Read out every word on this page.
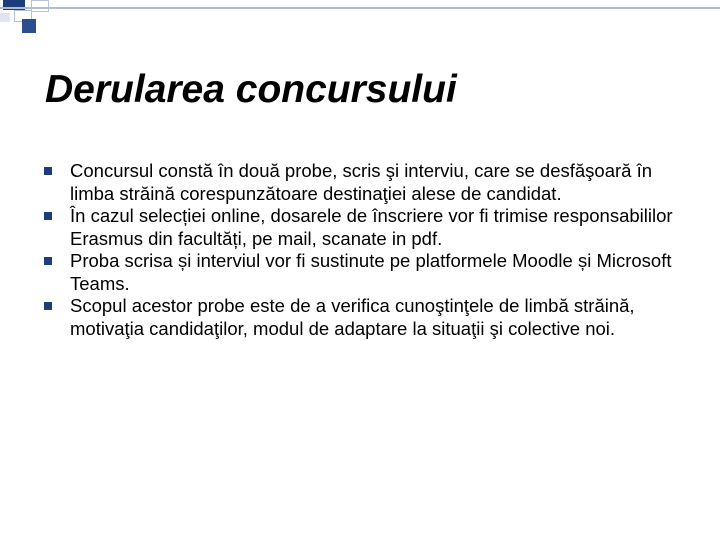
Derularea concursului
Concursul constă în două probe, scris şi interviu, care se desfăşoară în limba străină corespunzătoare destinaţiei alese de candidat.
În cazul selecției online, dosarele de înscriere vor fi trimise responsabililor Erasmus din facultăți, pe mail, scanate in pdf.
Proba scrisa și interviul vor fi sustinute pe platformele Moodle și Microsoft Teams.
Scopul acestor probe este de a verifica cunoştinţele de limbă străină, motivaţia candidaţilor, modul de adaptare la situaţii şi colective noi.
